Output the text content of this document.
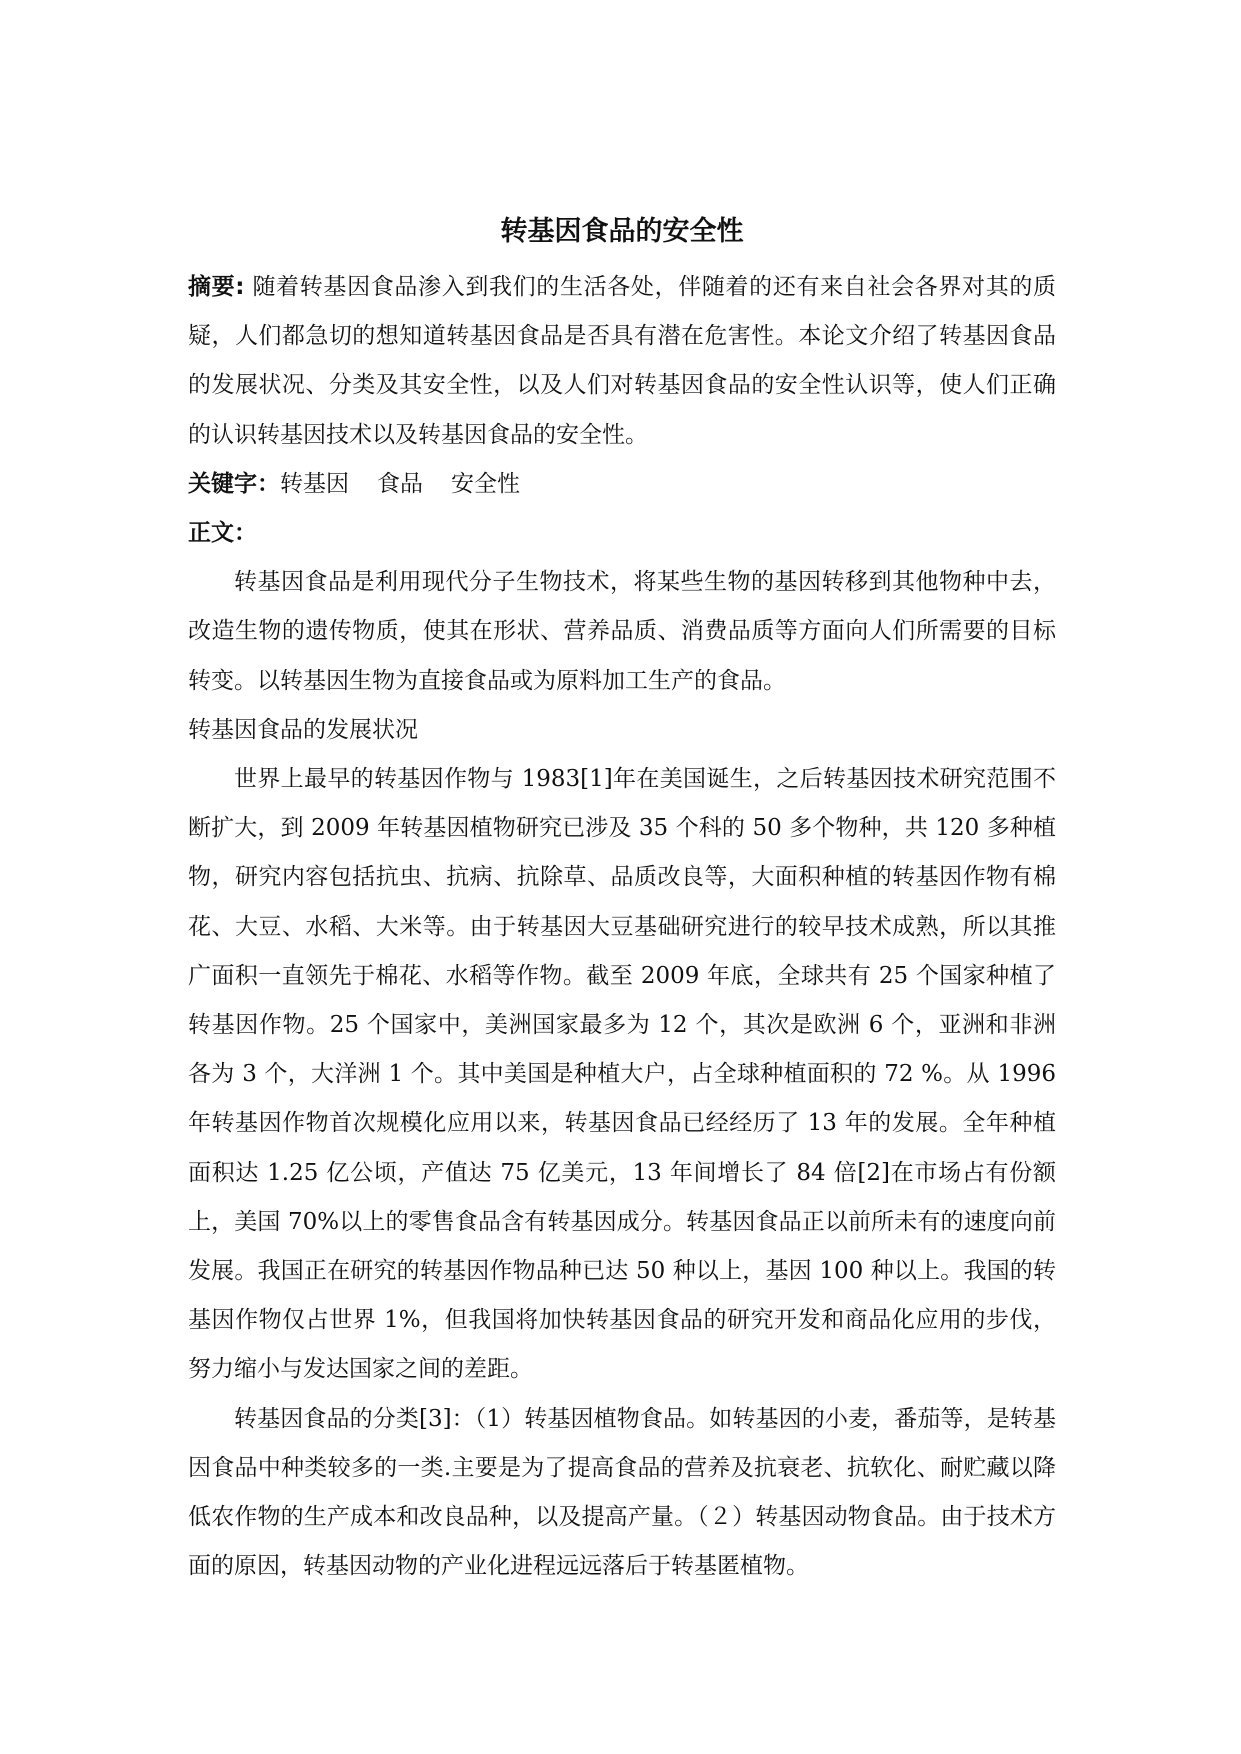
转基因食品的安全性

摘要: 随着转基因食品渗入到我们的生活各处，伴随着的还有来自社会各界对其的质疑，人们都急切的想知道转基因食品是否具有潜在危害性。本论文介绍了转基因食品的发展状况、分类及其安全性，以及人们对转基因食品的安全性认识等，使人们正确的认识转基因技术以及转基因食品的安全性。

关键字：转基因 食品 安全性

正文：

转基因食品是利用现代分子生物技术，将某些生物的基因转移到其他物种中去，改造生物的遗传物质，使其在形状、营养品质、消费品质等方面向人们所需要的目标转变。以转基因生物为直接食品或为原料加工生产的食品。

转基因食品的发展状况

世界上最早的转基因作物与 1983[1]年在美国诞生，之后转基因技术研究范围不断扩大，到 2009 年转基因植物研究已涉及 35 个科的 50 多个物种，共 120 多种植物，研究内容包括抗虫、抗病、抗除草、品质改良等，大面积种植的转基因作物有棉花、大豆、水稻、大米等。由于转基因大豆基础研究进行的较早技术成熟，所以其推广面积一直领先于棉花、水稻等作物。截至 2009 年底，全球共有 25 个国家种植了转基因作物。25 个国家中，美洲国家最多为 12 个，其次是欧洲 6 个，亚洲和非洲各为 3 个，大洋洲 1 个。其中美国是种植大户，占全球种植面积的 72 %。从 1996 年转基因作物首次规模化应用以来，转基因食品已经经历了 13 年的发展。全年种植面积达 1.25 亿公顷，产值达 75 亿美元，13 年间增长了 84 倍[2]在市场占有份额上，美国 70%以上的零售食品含有转基因成分。转基因食品正以前所未有的速度向前发展。我国正在研究的转基因作物品种已达 50 种以上，基因 100 种以上。我国的转基因作物仅占世界 1%，但我国将加快转基因食品的研究开发和商品化应用的步伐，努力缩小与发达国家之间的差距。

转基因食品的分类[3]：（1）转基因植物食品。如转基因的小麦，番茄等，是转基因食品中种类较多的一类.主要是为了提高食品的营养及抗衰老、抗软化、耐贮藏以降低农作物的生产成本和改良品种，以及提高产量。（２）转基因动物食品。由于技术方面的原因，转基因动物的产业化进程远远落后于转基匿植物。
